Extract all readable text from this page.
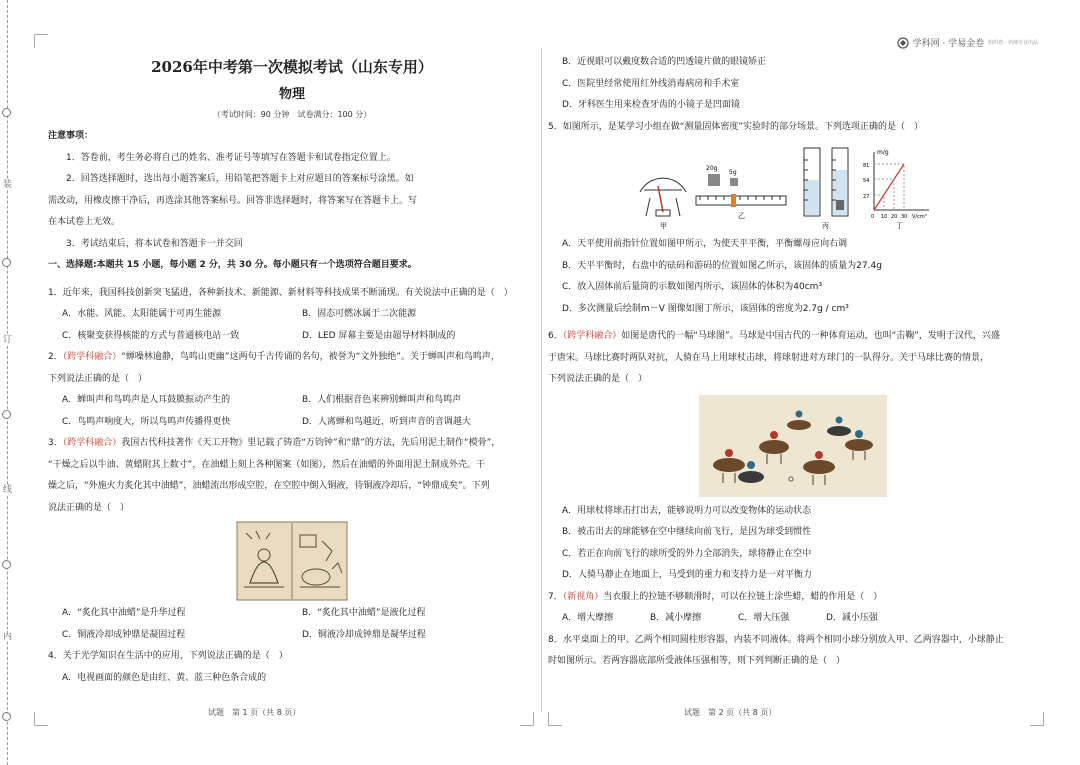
装
订
线
内
学科网 · 学易金卷 组织卷 · 名师专业出品
2026年中考第一次模拟考试（山东专用）
物理
（考试时间：90 分钟　试卷满分：100 分）
注意事项：
1．答卷前，考生务必将自己的姓名、准考证号等填写在答题卡和试卷指定位置上。
2．回答选择题时，选出每小题答案后，用铅笔把答题卡上对应题目的答案标号涂黑。如
需改动，用橡皮擦干净后，再选涂其他答案标号。回答非选择题时，将答案写在答题卡上。写
在本试卷上无效。
3．考试结束后，将本试卷和答题卡一并交回
一、选择题:本题共 15 小题，每小题 2 分，共 30 分。每小题只有一个选项符合题目要求。
1．近年来，我国科技创新突飞猛进，各种新技术、新能源、新材料等科技成果不断涌现。有关说法中正确的是（　）
A．水能、风能、太阳能属于可再生能源	B．固态可燃冰属于二次能源
C．核聚变获得核能的方式与普通核电站一致	D．LED 屏幕主要是由超导材料制成的
2．（跨学科融合）“蝉噪林逾静，鸟鸣山更幽”这两句千古传诵的名句，被誉为“文外独绝”。关于蝉叫声和鸟鸣声，
下列说法正确的是（　）
A．蝉叫声和鸟鸣声是人耳鼓膜振动产生的	B．人们根据音色来辨别蝉叫声和鸟鸣声
C．鸟鸣声响度大，所以鸟鸣声传播得更快	D．人离蝉和鸟越近，听到声音的音调越大
3．（跨学科融合）我国古代科技著作《天工开物》里记载了铸造“万钧钟”和“鼎”的方法，先后用泥土制作“模骨”，
“干燥之后以牛油、黄蜡附其上数寸”，在油蜡上刻上各种图案（如图），然后在油蜡的外面用泥土制成外壳。干
燥之后，“外施火力炙化其中油蜡”，油蜡流出形成空腔，在空腔中倒入铜液，待铜液冷却后，“钟鼎成矣”。下列
说法正确的是（　）
A．“炙化其中油蜡”是升华过程	B．“炙化其中油蜡”是液化过程
C．铜液冷却成钟鼎是凝固过程	D．铜液冷却成钟鼎是凝华过程
4．关于光学知识在生活中的应用，下列说法正确的是（　）
A．电视画面的颜色是由红、黄、蓝三种色条合成的
B．近视眼可以戴度数合适的凹透镜片做的眼镜矫正
C．医院里经常使用红外线消毒病房和手术室
D．牙科医生用来检查牙齿的小镜子是凹面镜
5．如图所示，是某学习小组在做“测量固体密度”实验时的部分场景。下列选项正确的是（　）
甲
20g
5g
乙
丙
m/g
81
54
27
0 10 20 30 V/cm³
丁
A．天平使用前指针位置如图甲所示，为使天平平衡，平衡螺母应向右调
B．天平平衡时，右盘中的砝码和游码的位置如图乙所示，该固体的质量为27.4g
C．放入固体前后量筒的示数如图丙所示，该固体的体积为40cm³
D．多次测量后绘制m－V 图像如图丁所示，该固体的密度为2.7g / cm³
6．（跨学科融合）如图是唐代的一幅“马球图”。马球是中国古代的一种体育运动，也叫“击鞠”，发明于汉代，兴盛
于唐宋。马球比赛时两队对抗，人骑在马上用球杖击球，将球射进对方球门的一队得分。关于马球比赛的情景，
下列说法正确的是（　）
A．用球杖将球击打出去，能够说明力可以改变物体的运动状态
B．被击出去的球能够在空中继续向前飞行，是因为球受到惯性
C．若正在向前飞行的球所受的外力全部消失，球将静止在空中
D．人骑马静止在地面上，马受到的重力和支持力是一对平衡力
7．（新视角）当衣服上的拉链不够顺滑时，可以在拉链上涂些蜡，蜡的作用是（　）
A．增大摩擦	B．减小摩擦	C．增大压强	D．减小压强
8．水平桌面上的甲、乙两个相同圆柱形容器，内装不同液体。将两个相同小球分别放入甲、乙两容器中，小球静止
时如图所示。若两容器底部所受液体压强相等，则下列判断正确的是（　）
试题　第 1 页（共 8 页）	试题　第 2 页（共 8 页）
